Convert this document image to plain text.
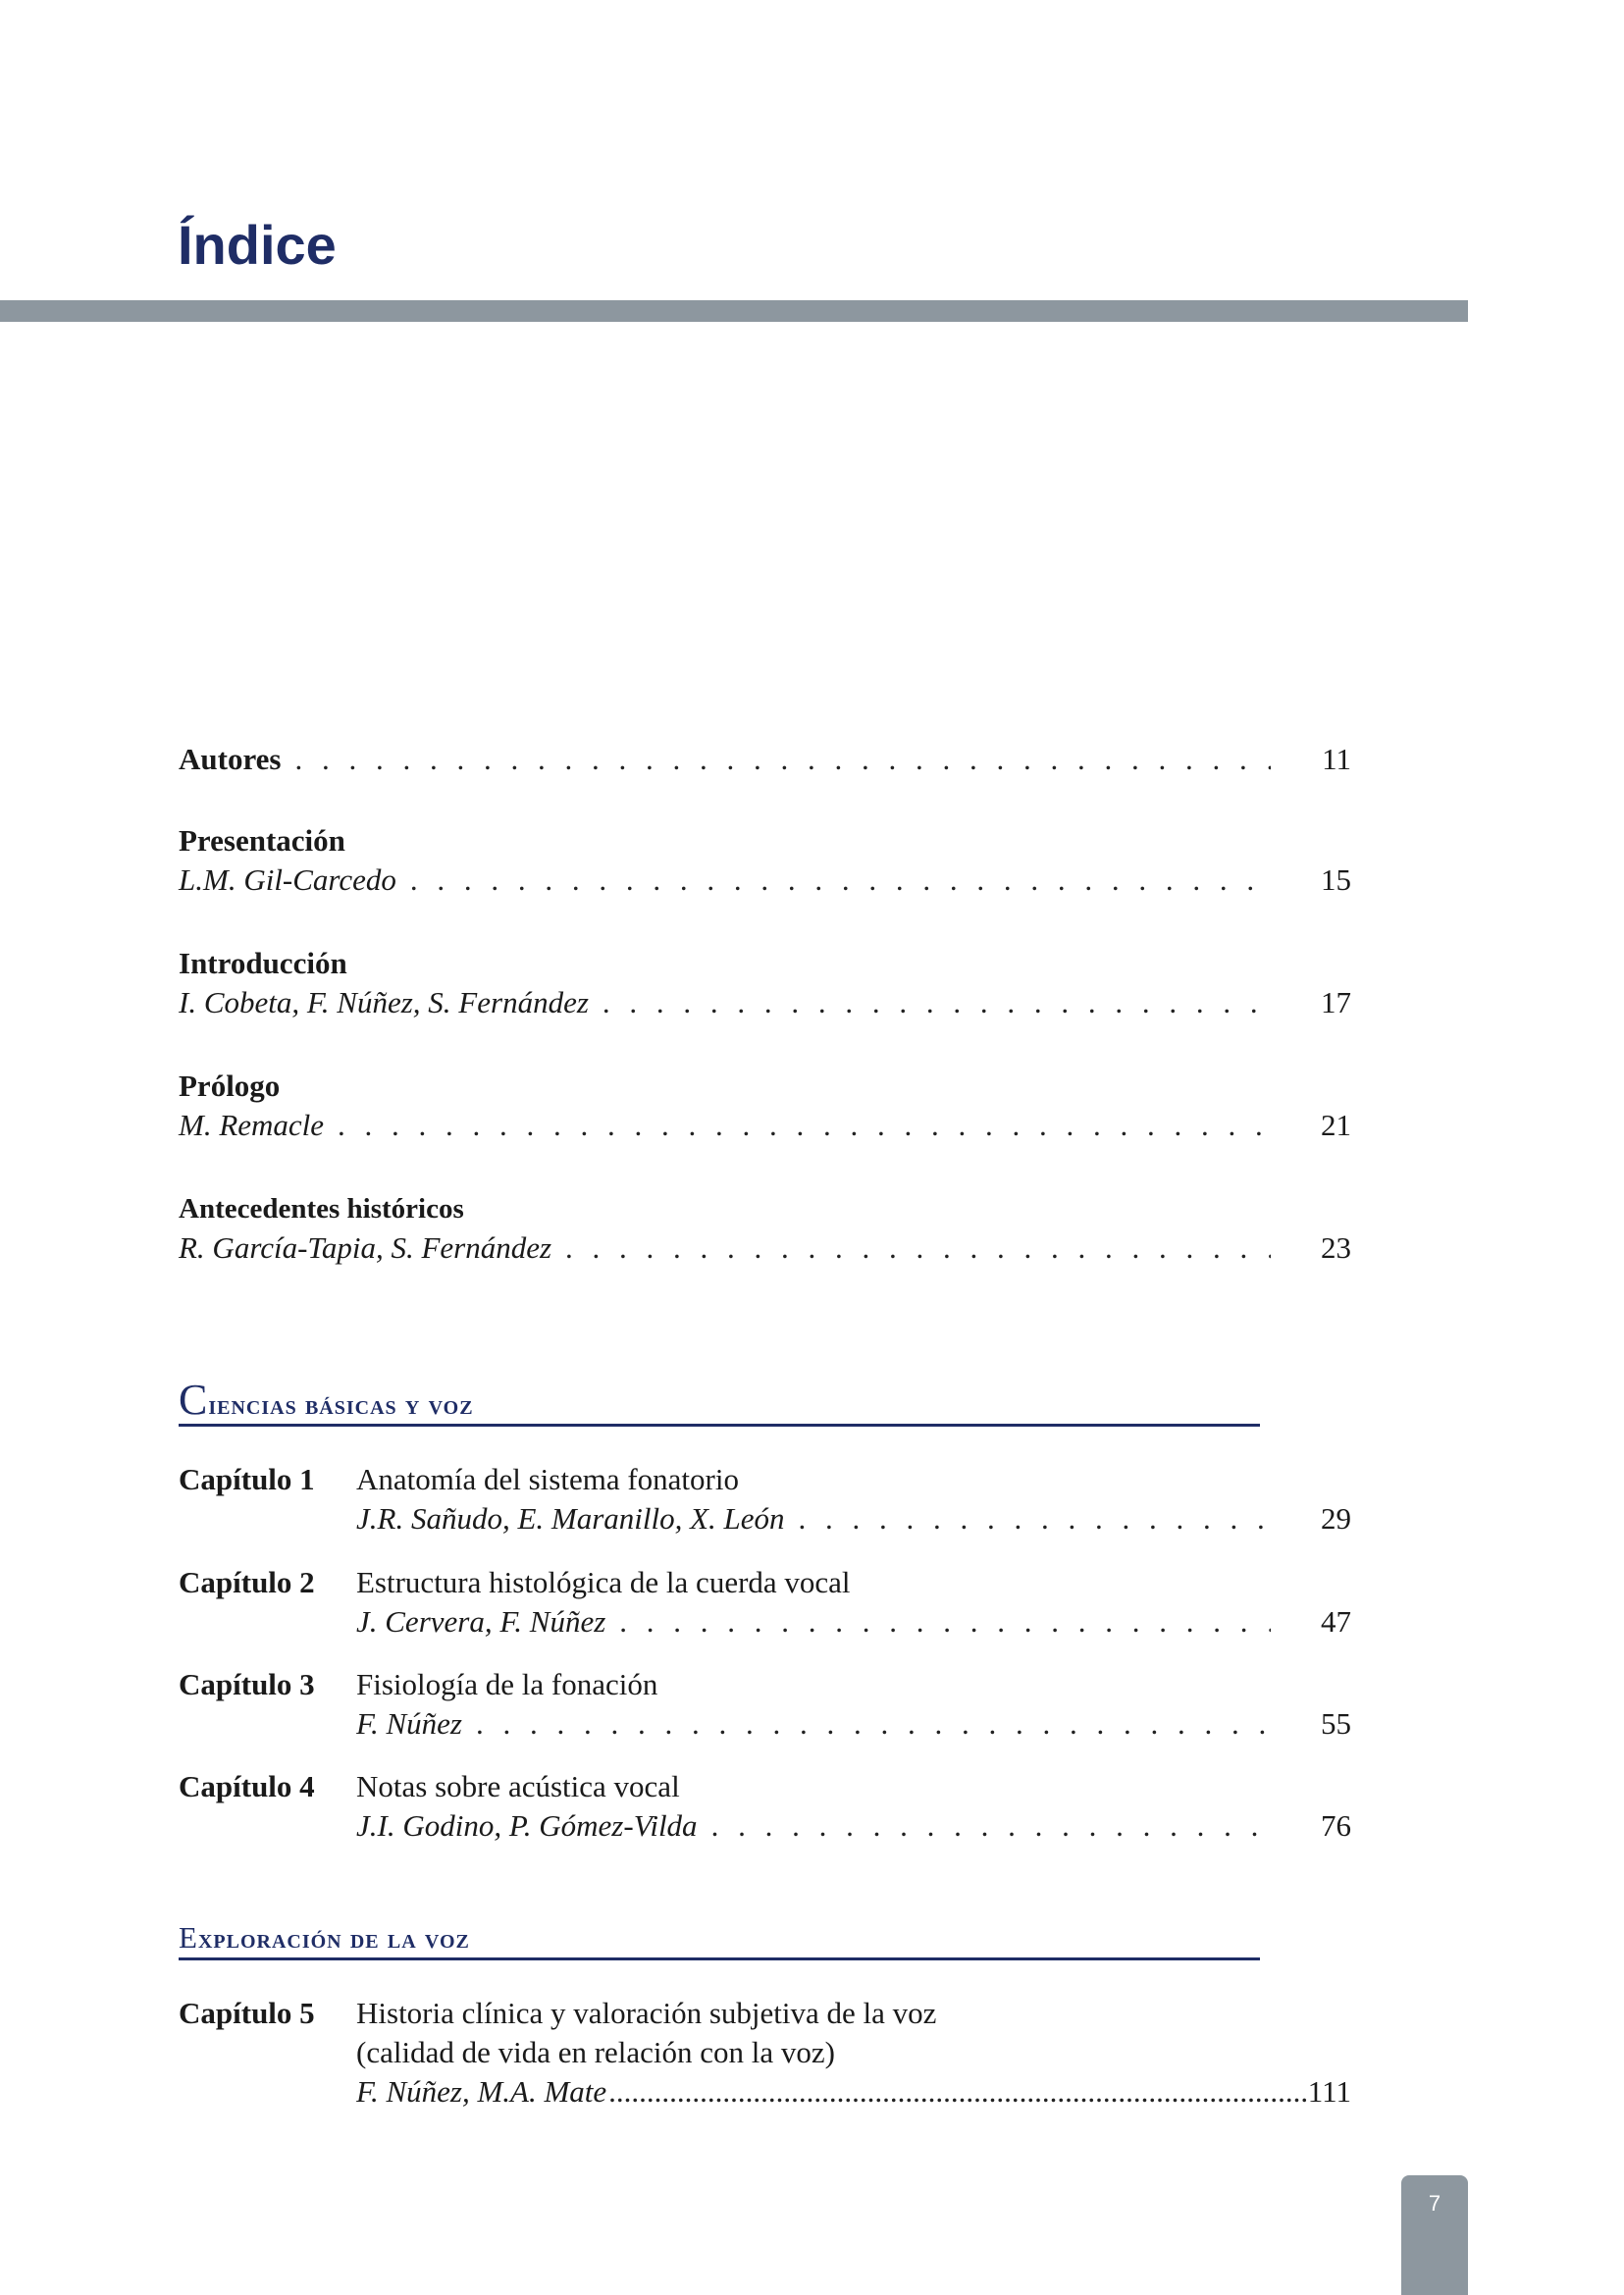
Índice
Autores . . .	11
Presentación
L.M. Gil-Carcedo . . .	15
Introducción
I. Cobeta, F. Núñez, S. Fernández . . .	17
Prólogo
M. Remacle . . .	21
Antecedentes históricos
R. García-Tapia, S. Fernández . . .	23
Ciencias básicas y voz
Capítulo 1	Anatomía del sistema fonatorio
J.R. Sañudo, E. Maranillo, X. León . . .	29
Capítulo 2	Estructura histológica de la cuerda vocal
J. Cervera, F. Núñez . . .	47
Capítulo 3	Fisiología de la fonación
F. Núñez . . .	55
Capítulo 4	Notas sobre acústica vocal
J.I. Godino, P. Gómez-Vilda . . .	76
exploración de la voz
Capítulo 5	Historia clínica y valoración subjetiva de la voz
(calidad de vida en relación con la voz)
F. Núñez, M.A. Mate .....	111
7
